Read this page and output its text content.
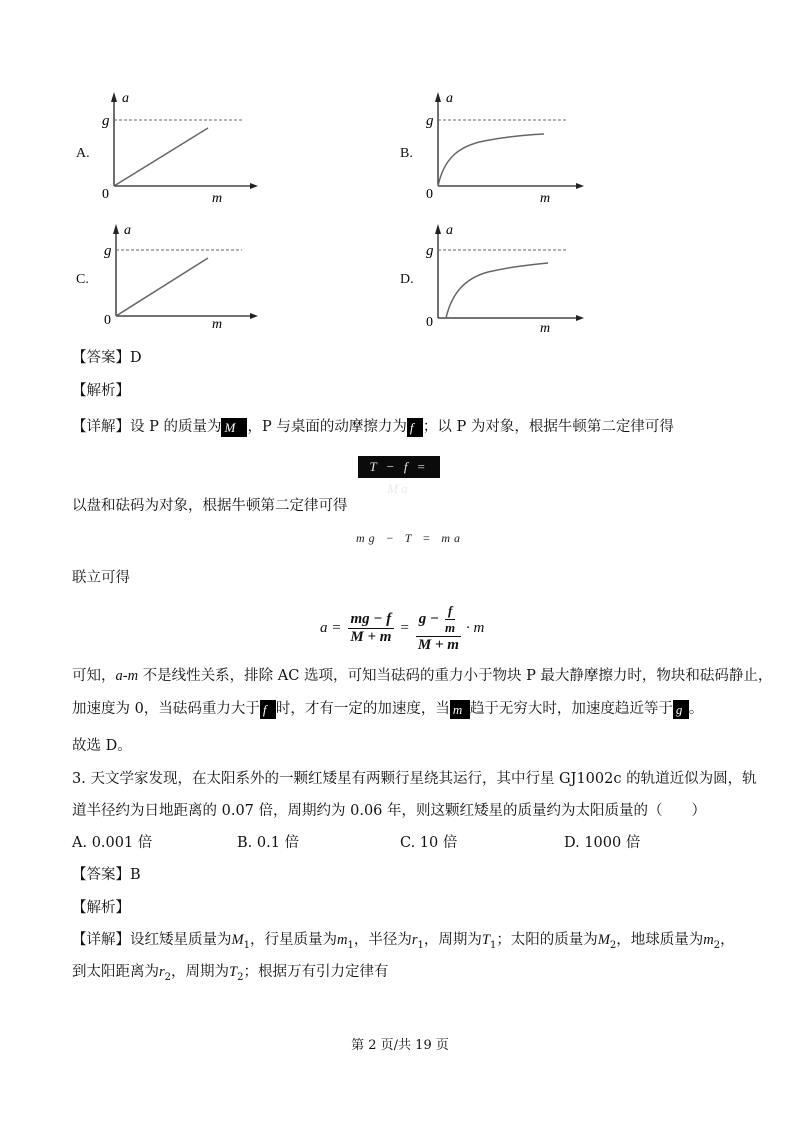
A.
g
a
0	m
B.
g
a
0	m
C.
g
a
0	m
D.
g
a
0	m
【答案】D
【解析】
【详解】设 P 的质量为 M ，P 与桌面的动摩擦力为 f ；以 P 为对象，根据牛顿第二定律可得
T − f = Ma
以盘和砝码为对象，根据牛顿第二定律可得
mg − T = ma
联立可得
$a = \frac{mg - f}{M + m} = \frac{g - \frac{f}{m}}{M + m} \cdot m$
可知，a-m 不是线性关系，排除 AC 选项，可知当砝码的重力小于物块 P 最大静摩擦力时，物块和砝码静止，
加速度为 0，当砝码重力大于 f 时，才有一定的加速度，当 m 趋于无穷大时，加速度趋近等于 g 。
故选 D。
3. 天文学家发现，在太阳系外的一颗红矮星有两颗行星绕其运行，其中行星 GJ1002c 的轨道近似为圆，轨
道半径约为日地距离的 0.07 倍，周期约为 0.06 年，则这颗红矮星的质量约为太阳质量的（　　）
A. 0.001 倍	B. 0.1 倍	C. 10 倍	D. 1000 倍
【答案】B
【解析】
【详解】设红矮星质量为$M_1$，行星质量为$m_1$，半径为$r_1$，周期为$T_1$；太阳的质量为$M_2$，地球质量为$m_2$，
到太阳距离为$r_2$，周期为$T_2$；根据万有引力定律有
第 2 页/共 19 页
